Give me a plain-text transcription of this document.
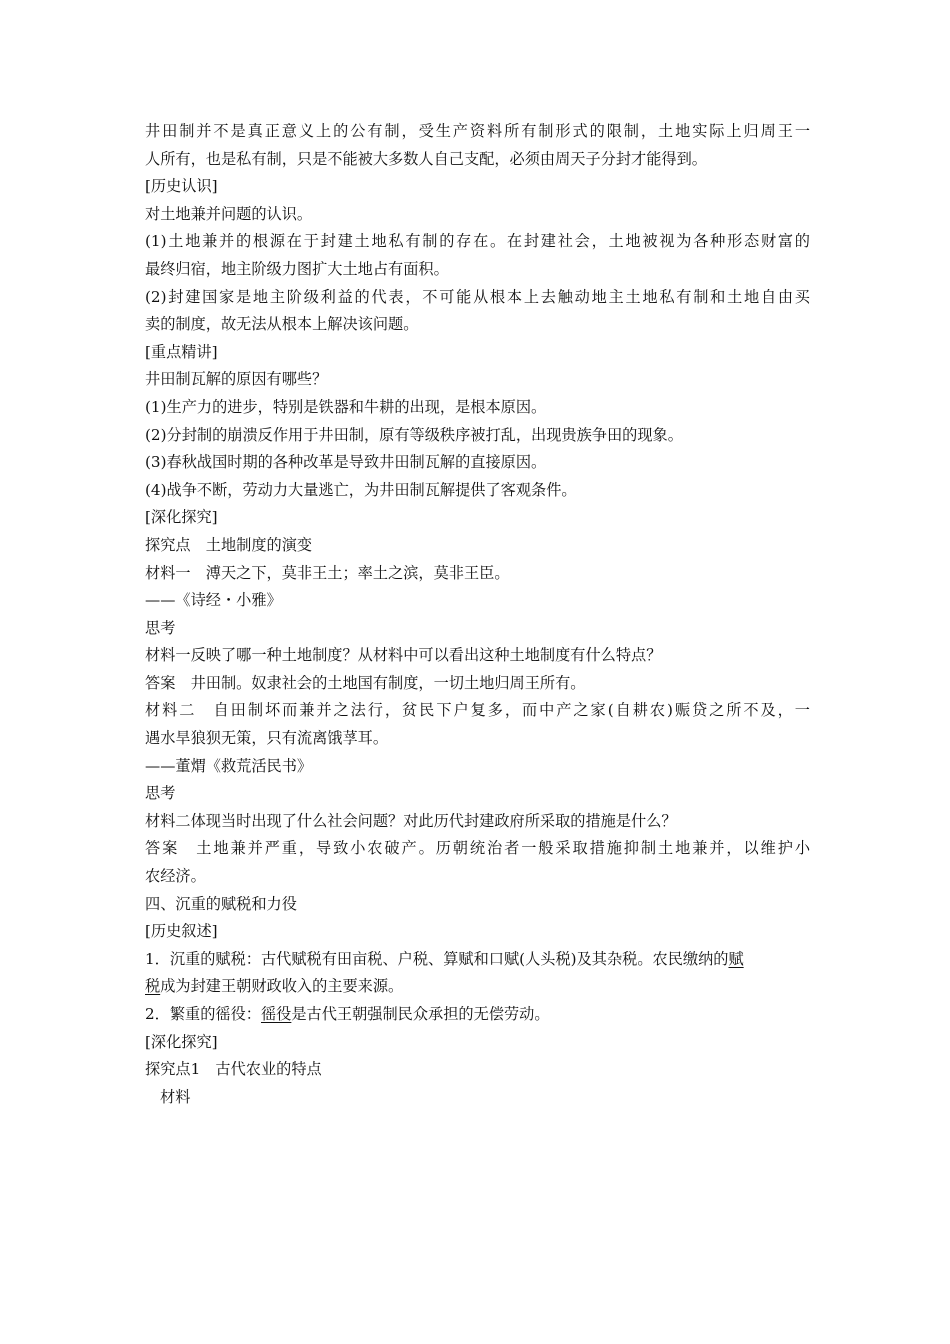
井田制并不是真正意义上的公有制，受生产资料所有制形式的限制，土地实际上归周王一
人所有，也是私有制，只是不能被大多数人自己支配，必须由周天子分封才能得到。
[历史认识]
对土地兼并问题的认识。
(1)土地兼并的根源在于封建土地私有制的存在。在封建社会，土地被视为各种形态财富的
最终归宿，地主阶级力图扩大土地占有面积。
(2)封建国家是地主阶级利益的代表，不可能从根本上去触动地主土地私有制和土地自由买
卖的制度，故无法从根本上解决该问题。
[重点精讲]
井田制瓦解的原因有哪些？
(1)生产力的进步，特别是铁器和牛耕的出现，是根本原因。
(2)分封制的崩溃反作用于井田制，原有等级秩序被打乱，出现贵族争田的现象。
(3)春秋战国时期的各种改革是导致井田制瓦解的直接原因。
(4)战争不断，劳动力大量逃亡，为井田制瓦解提供了客观条件。
[深化探究]
探究点　土地制度的演变
材料一　溥天之下，莫非王土；率土之滨，莫非王臣。
——《诗经・小雅》
思考
材料一反映了哪一种土地制度？从材料中可以看出这种土地制度有什么特点？
答案　井田制。奴隶社会的土地国有制度，一切土地归周王所有。
材料二　自田制坏而兼并之法行，贫民下户复多，而中产之家(自耕农)赈贷之所不及，一
遇水旱狼狈无策，只有流离饿莩耳。
——董煟《救荒活民书》
思考
材料二体现当时出现了什么社会问题？对此历代封建政府所采取的措施是什么？
答案　土地兼并严重，导致小农破产。历朝统治者一般采取措施抑制土地兼并，以维护小
农经济。
四、沉重的赋税和力役
[历史叙述]
1．沉重的赋税：古代赋税有田亩税、户税、算赋和口赋(人头税)及其杂税。农民缴纳的赋
税成为封建王朝财政收入的主要来源。
2．繁重的徭役：徭役是古代王朝强制民众承担的无偿劳动。
[深化探究]
探究点1　古代农业的特点
材料
